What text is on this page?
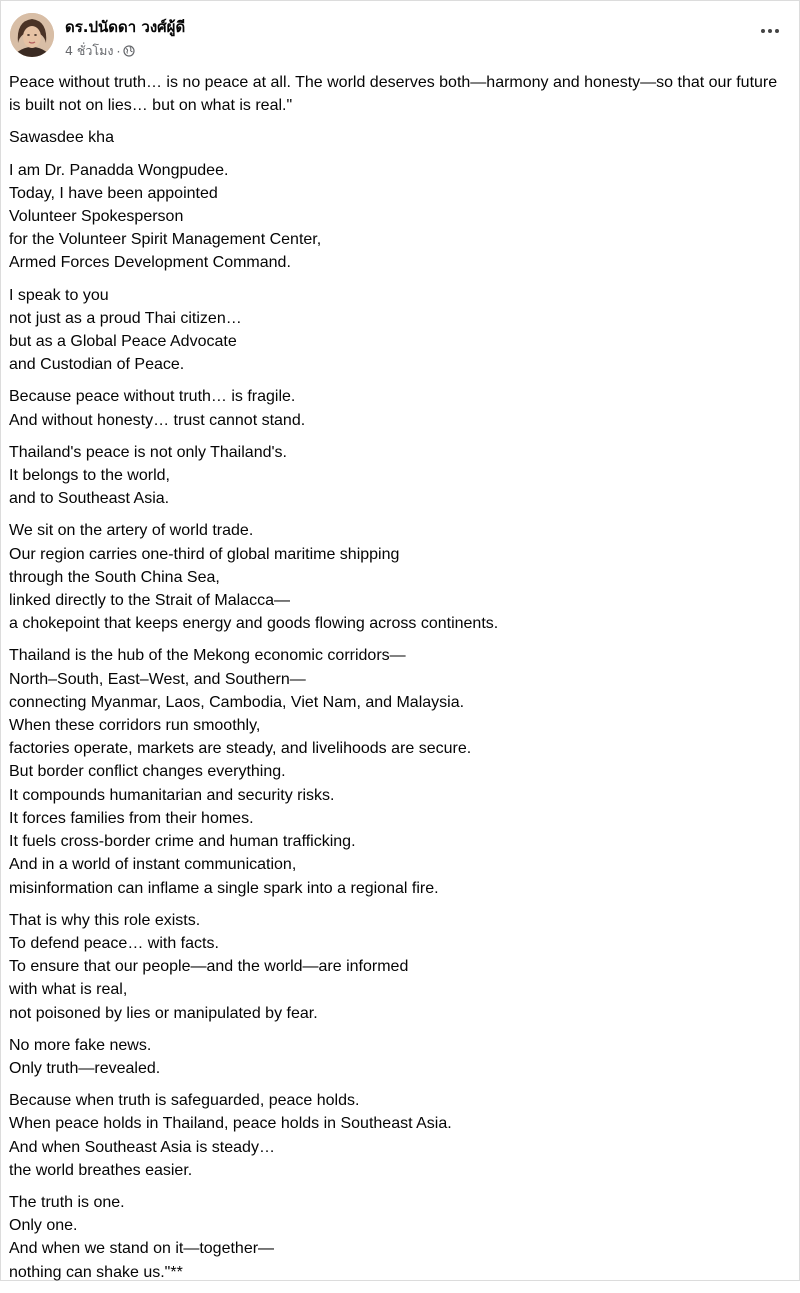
ดร.ปนัดดา วงศ์ผู้ดี
4 ชั่วโมง ·
Peace without truth… is no peace at all. The world deserves both—harmony and honesty—so that our future is built not on lies… but on what is real."
Sawasdee kha
I am Dr. Panadda Wongpudee.
Today, I have been appointed
Volunteer Spokesperson
for the Volunteer Spirit Management Center,
Armed Forces Development Command.
I speak to you
not just as a proud Thai citizen…
but as a Global Peace Advocate
and Custodian of Peace.
Because peace without truth… is fragile.
And without honesty… trust cannot stand.
Thailand's peace is not only Thailand's.
It belongs to the world,
and to Southeast Asia.
We sit on the artery of world trade.
Our region carries one-third of global maritime shipping
through the South China Sea,
linked directly to the Strait of Malacca—
a chokepoint that keeps energy and goods flowing across continents.
Thailand is the hub of the Mekong economic corridors—
North–South, East–West, and Southern—
connecting Myanmar, Laos, Cambodia, Viet Nam, and Malaysia.
When these corridors run smoothly,
factories operate, markets are steady, and livelihoods are secure.
But border conflict changes everything.
It compounds humanitarian and security risks.
It forces families from their homes.
It fuels cross-border crime and human trafficking.
And in a world of instant communication,
misinformation can inflame a single spark into a regional fire.
That is why this role exists.
To defend peace… with facts.
To ensure that our people—and the world—are informed
with what is real,
not poisoned by lies or manipulated by fear.
No more fake news.
Only truth—revealed.
Because when truth is safeguarded, peace holds.
When peace holds in Thailand, peace holds in Southeast Asia.
And when Southeast Asia is steady…
the world breathes easier.
The truth is one.
Only one.
And when we stand on it—together—
nothing can shake us."**
